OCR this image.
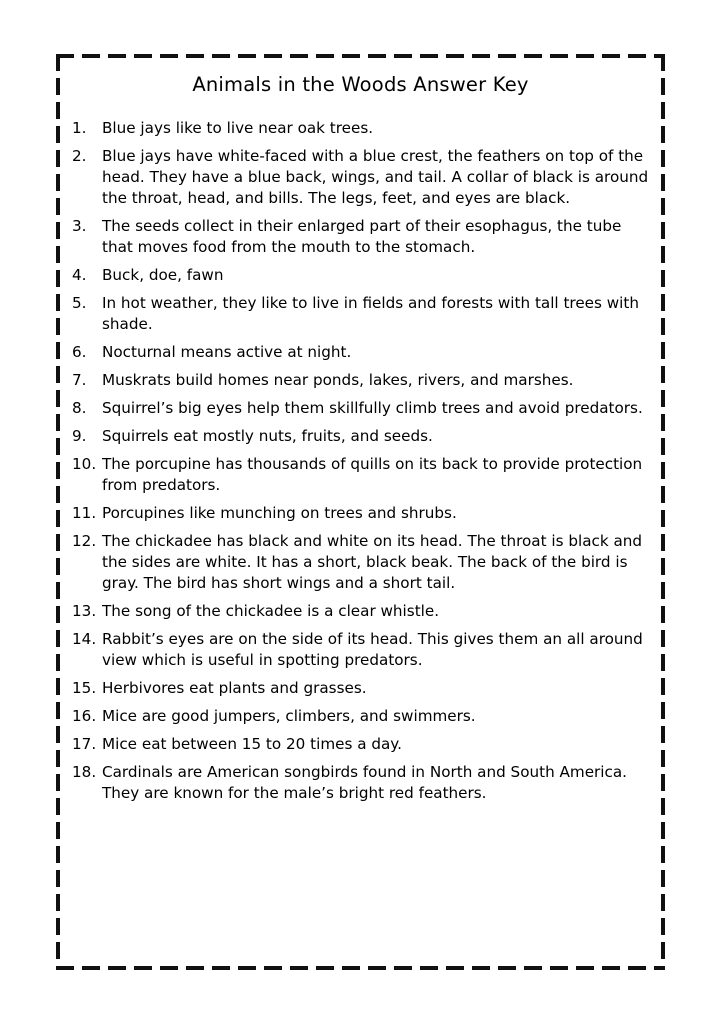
Animals in the Woods Answer Key
1.	Blue jays like to live near oak trees.
2.	Blue jays have white-faced with a blue crest, the feathers on top of the head. They have a blue back, wings, and tail. A collar of black is around the throat, head, and bills. The legs, feet, and eyes are black.
3.	The seeds collect in their enlarged part of their esophagus, the tube that moves food from the mouth to the stomach.
4.	Buck, doe, fawn
5.	In hot weather, they like to live in fields and forests with tall trees with shade.
6.	Nocturnal means active at night.
7.	Muskrats build homes near ponds, lakes, rivers, and marshes.
8.	Squirrel’s big eyes help them skillfully climb trees and avoid predators.
9.	Squirrels eat mostly nuts, fruits, and seeds.
10. The porcupine has thousands of quills on its back to provide protection from predators.
11. Porcupines like munching on trees and shrubs.
12. The chickadee has black and white on its head. The throat is black and the sides are white. It has a short, black beak. The back of the bird is gray. The bird has short wings and a short tail.
13. The song of the chickadee is a clear whistle.
14. Rabbit’s eyes are on the side of its head. This gives them an all around view which is useful in spotting predators.
15. Herbivores eat plants and grasses.
16. Mice are good jumpers, climbers, and swimmers.
17. Mice eat between 15 to 20 times a day.
18. Cardinals are American songbirds found in North and South America. They are known for the male’s bright red feathers.
